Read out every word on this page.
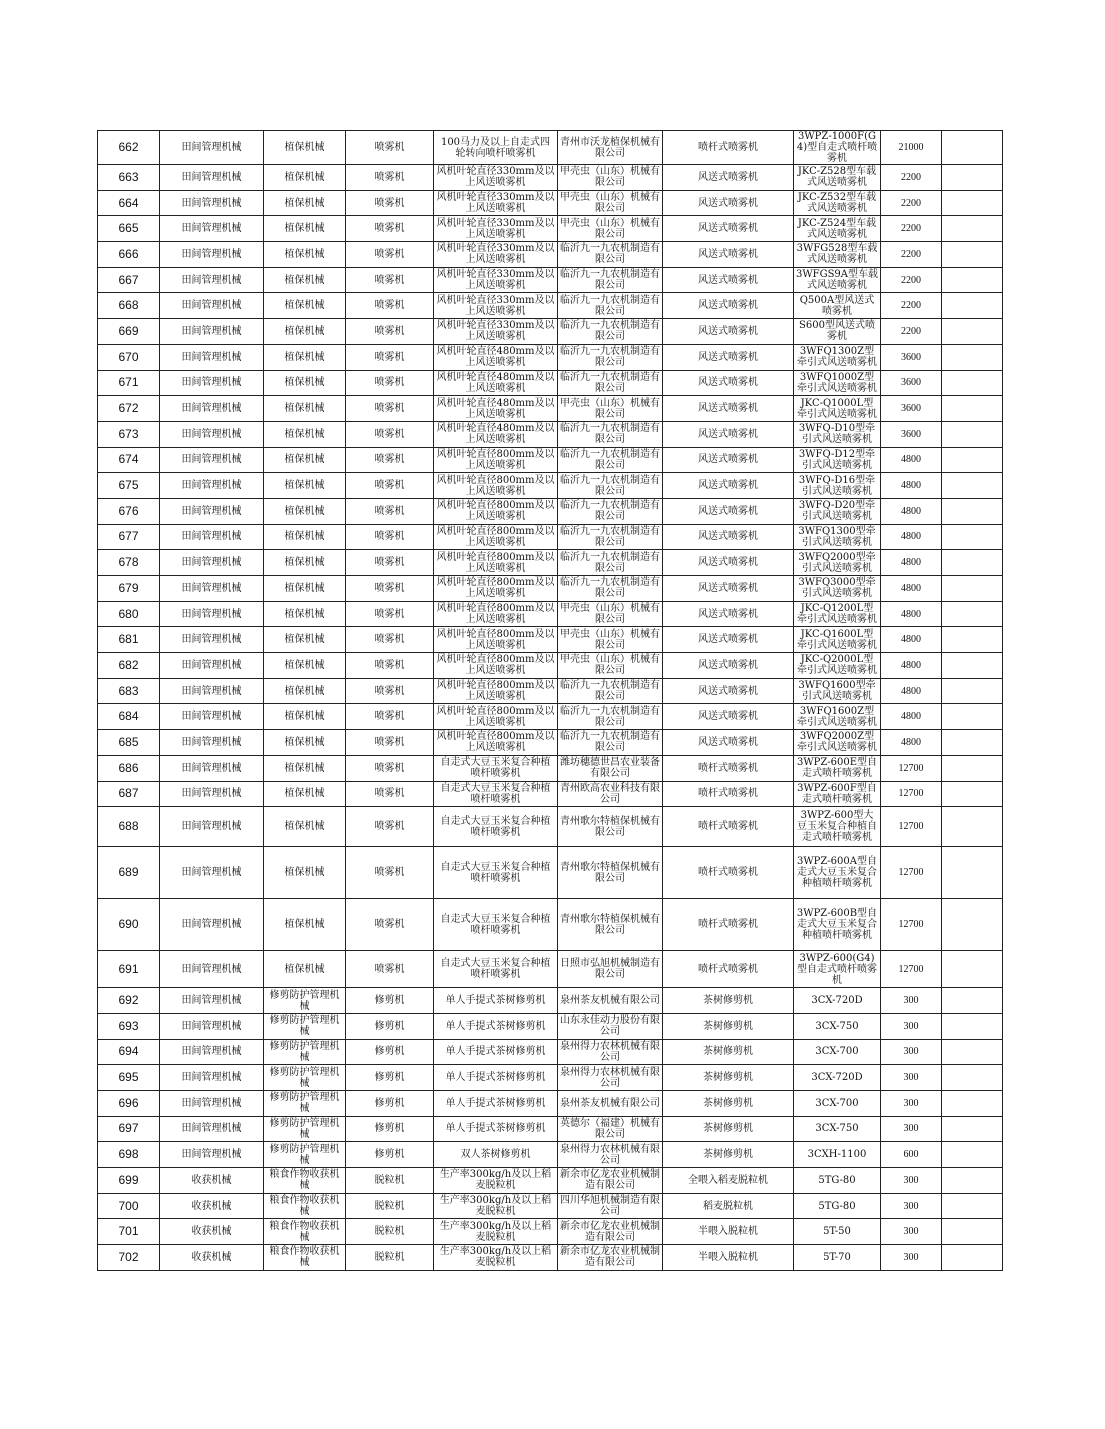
662	田间管理机械	植保机械	喷雾机	100马力及以上自走式四轮转向喷杆喷雾机	青州市沃龙植保机械有限公司	喷杆式喷雾机	3WPZ-1000F(G4)型自走式喷杆喷雾机	21000	
663	田间管理机械	植保机械	喷雾机	风机叶轮直径330mm及以上风送喷雾机	甲壳虫（山东）机械有限公司	风送式喷雾机	JKC-Z528型车载式风送喷雾机	2200	
664	田间管理机械	植保机械	喷雾机	风机叶轮直径330mm及以上风送喷雾机	甲壳虫（山东）机械有限公司	风送式喷雾机	JKC-Z532型车载式风送喷雾机	2200	
665	田间管理机械	植保机械	喷雾机	风机叶轮直径330mm及以上风送喷雾机	甲壳虫（山东）机械有限公司	风送式喷雾机	JKC-Z524型车载式风送喷雾机	2200	
666	田间管理机械	植保机械	喷雾机	风机叶轮直径330mm及以上风送喷雾机	临沂九一九农机制造有限公司	风送式喷雾机	3WFG528型车载式风送喷雾机	2200	
667	田间管理机械	植保机械	喷雾机	风机叶轮直径330mm及以上风送喷雾机	临沂九一九农机制造有限公司	风送式喷雾机	3WFGS9A型车载式风送喷雾机	2200	
668	田间管理机械	植保机械	喷雾机	风机叶轮直径330mm及以上风送喷雾机	临沂九一九农机制造有限公司	风送式喷雾机	Q500A型风送式喷雾机	2200	
669	田间管理机械	植保机械	喷雾机	风机叶轮直径330mm及以上风送喷雾机	临沂九一九农机制造有限公司	风送式喷雾机	S600型风送式喷雾机	2200	
670	田间管理机械	植保机械	喷雾机	风机叶轮直径480mm及以上风送喷雾机	临沂九一九农机制造有限公司	风送式喷雾机	3WFQ1300Z型牵引式风送喷雾机	3600	
671	田间管理机械	植保机械	喷雾机	风机叶轮直径480mm及以上风送喷雾机	临沂九一九农机制造有限公司	风送式喷雾机	3WFQ1000Z型牵引式风送喷雾机	3600	
672	田间管理机械	植保机械	喷雾机	风机叶轮直径480mm及以上风送喷雾机	甲壳虫（山东）机械有限公司	风送式喷雾机	JKC-Q1000L型牵引式风送喷雾机	3600	
673	田间管理机械	植保机械	喷雾机	风机叶轮直径480mm及以上风送喷雾机	临沂九一九农机制造有限公司	风送式喷雾机	3WFQ-D10型牵引式风送喷雾机	3600	
674	田间管理机械	植保机械	喷雾机	风机叶轮直径800mm及以上风送喷雾机	临沂九一九农机制造有限公司	风送式喷雾机	3WFQ-D12型牵引式风送喷雾机	4800	
675	田间管理机械	植保机械	喷雾机	风机叶轮直径800mm及以上风送喷雾机	临沂九一九农机制造有限公司	风送式喷雾机	3WFQ-D16型牵引式风送喷雾机	4800	
676	田间管理机械	植保机械	喷雾机	风机叶轮直径800mm及以上风送喷雾机	临沂九一九农机制造有限公司	风送式喷雾机	3WFQ-D20型牵引式风送喷雾机	4800	
677	田间管理机械	植保机械	喷雾机	风机叶轮直径800mm及以上风送喷雾机	临沂九一九农机制造有限公司	风送式喷雾机	3WFQ1300型牵引式风送喷雾机	4800	
678	田间管理机械	植保机械	喷雾机	风机叶轮直径800mm及以上风送喷雾机	临沂九一九农机制造有限公司	风送式喷雾机	3WFQ2000型牵引式风送喷雾机	4800	
679	田间管理机械	植保机械	喷雾机	风机叶轮直径800mm及以上风送喷雾机	临沂九一九农机制造有限公司	风送式喷雾机	3WFQ3000型牵引式风送喷雾机	4800	
680	田间管理机械	植保机械	喷雾机	风机叶轮直径800mm及以上风送喷雾机	甲壳虫（山东）机械有限公司	风送式喷雾机	JKC-Q1200L型牵引式风送喷雾机	4800	
681	田间管理机械	植保机械	喷雾机	风机叶轮直径800mm及以上风送喷雾机	甲壳虫（山东）机械有限公司	风送式喷雾机	JKC-Q1600L型牵引式风送喷雾机	4800	
682	田间管理机械	植保机械	喷雾机	风机叶轮直径800mm及以上风送喷雾机	甲壳虫（山东）机械有限公司	风送式喷雾机	JKC-Q2000L型牵引式风送喷雾机	4800	
683	田间管理机械	植保机械	喷雾机	风机叶轮直径800mm及以上风送喷雾机	临沂九一九农机制造有限公司	风送式喷雾机	3WFQ1600型牵引式风送喷雾机	4800	
684	田间管理机械	植保机械	喷雾机	风机叶轮直径800mm及以上风送喷雾机	临沂九一九农机制造有限公司	风送式喷雾机	3WFQ1600Z型牵引式风送喷雾机	4800	
685	田间管理机械	植保机械	喷雾机	风机叶轮直径800mm及以上风送喷雾机	临沂九一九农机制造有限公司	风送式喷雾机	3WFQ2000Z型牵引式风送喷雾机	4800	
686	田间管理机械	植保机械	喷雾机	自走式大豆玉米复合种植喷杆喷雾机	潍坊穗德世昌农业装备有限公司	喷杆式喷雾机	3WPZ-600E型自走式喷杆喷雾机	12700	
687	田间管理机械	植保机械	喷雾机	自走式大豆玉米复合种植喷杆喷雾机	青州欧高农业科技有限公司	喷杆式喷雾机	3WPZ-600F型自走式喷杆喷雾机	12700	
688	田间管理机械	植保机械	喷雾机	自走式大豆玉米复合种植喷杆喷雾机	青州歌尔特植保机械有限公司	喷杆式喷雾机	3WPZ-600型大豆玉米复合种植自走式喷杆喷雾机	12700	
689	田间管理机械	植保机械	喷雾机	自走式大豆玉米复合种植喷杆喷雾机	青州歌尔特植保机械有限公司	喷杆式喷雾机	3WPZ-600A型自走式大豆玉米复合种植喷杆喷雾机	12700	
690	田间管理机械	植保机械	喷雾机	自走式大豆玉米复合种植喷杆喷雾机	青州歌尔特植保机械有限公司	喷杆式喷雾机	3WPZ-600B型自走式大豆玉米复合种植喷杆喷雾机	12700	
691	田间管理机械	植保机械	喷雾机	自走式大豆玉米复合种植喷杆喷雾机	日照市弘旭机械制造有限公司	喷杆式喷雾机	3WPZ-600(G4)型自走式喷杆喷雾机	12700	
692	田间管理机械	修剪防护管理机械	修剪机	单人手提式茶树修剪机	泉州茶友机械有限公司	茶树修剪机	3CX-720D	300	
693	田间管理机械	修剪防护管理机械	修剪机	单人手提式茶树修剪机	山东永佳动力股份有限公司	茶树修剪机	3CX-750	300	
694	田间管理机械	修剪防护管理机械	修剪机	单人手提式茶树修剪机	泉州得力农林机械有限公司	茶树修剪机	3CX-700	300	
695	田间管理机械	修剪防护管理机械	修剪机	单人手提式茶树修剪机	泉州得力农林机械有限公司	茶树修剪机	3CX-720D	300	
696	田间管理机械	修剪防护管理机械	修剪机	单人手提式茶树修剪机	泉州茶友机械有限公司	茶树修剪机	3CX-700	300	
697	田间管理机械	修剪防护管理机械	修剪机	单人手提式茶树修剪机	英德尔（福建）机械有限公司	茶树修剪机	3CX-750	300	
698	田间管理机械	修剪防护管理机械	修剪机	双人茶树修剪机	泉州得力农林机械有限公司	茶树修剪机	3CXH-1100	600	
699	收获机械	粮食作物收获机械	脱粒机	生产率300kg/h及以上稻麦脱粒机	新余市亿龙农业机械制造有限公司	全喂入稻麦脱粒机	5TG-80	300	
700	收获机械	粮食作物收获机械	脱粒机	生产率300kg/h及以上稻麦脱粒机	四川华旭机械制造有限公司	稻麦脱粒机	5TG-80	300	
701	收获机械	粮食作物收获机械	脱粒机	生产率300kg/h及以上稻麦脱粒机	新余市亿龙农业机械制造有限公司	半喂入脱粒机	5T-50	300	
702	收获机械	粮食作物收获机械	脱粒机	生产率300kg/h及以上稻麦脱粒机	新余市亿龙农业机械制造有限公司	半喂入脱粒机	5T-70	300	
